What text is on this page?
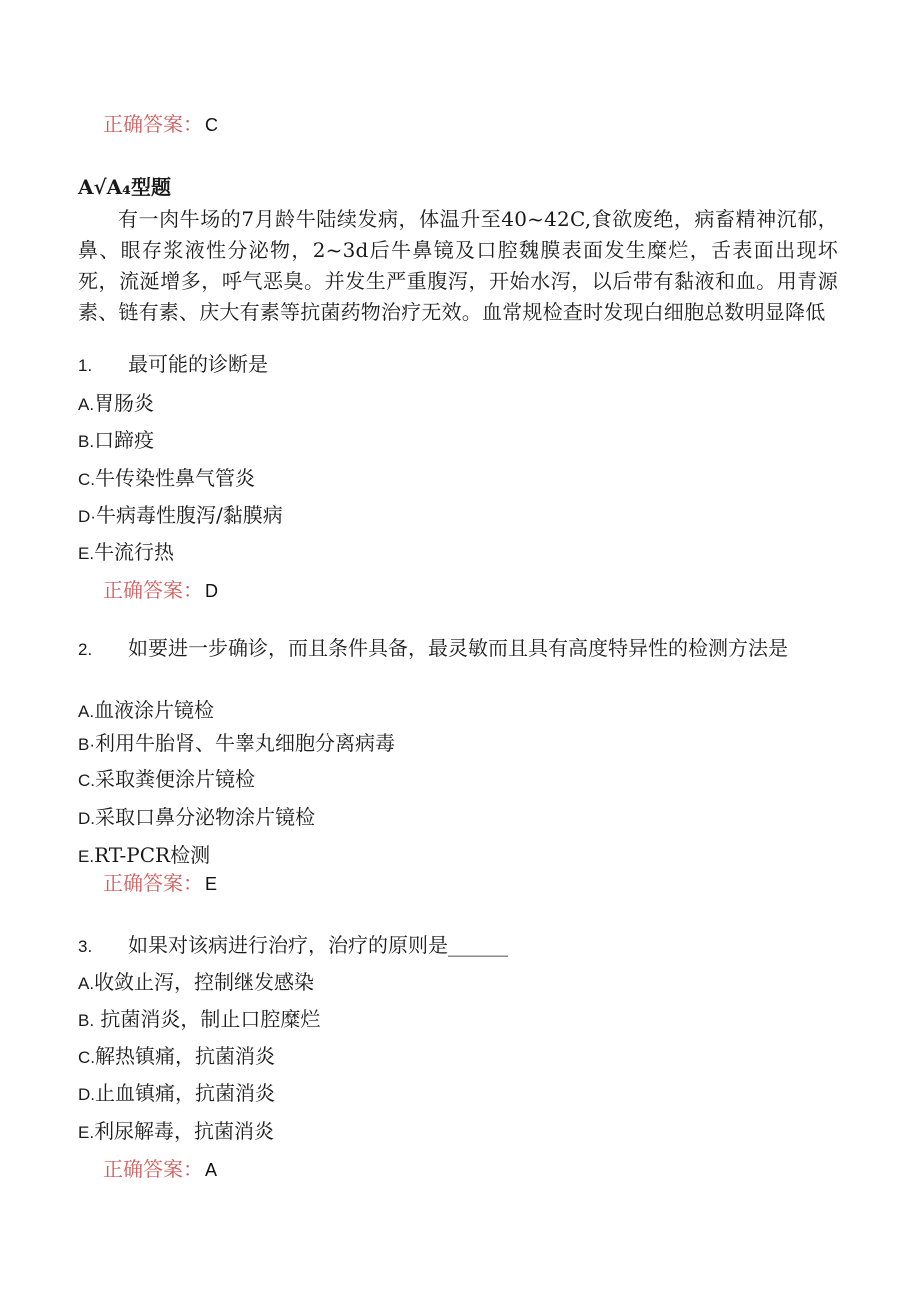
正确答案： C
A√A₄型题
有一肉牛场的7月龄牛陆续发病，体温升至40~42C,食欲废绝，病畜精神沉郁，鼻、眼存浆液性分泌物，2~3d后牛鼻镜及口腔魏膜表面发生糜烂，舌表面出现坏死，流涎增多，呼气恶臭。并发生严重腹泻，开始水泻，以后带有黏液和血。用青源素、链有素、庆大有素等抗菌药物治疗无效。血常规检查时发现白细胞总数明显降低
1. 最可能的诊断是
A.胃肠炎
B.口蹄疫
C.牛传染性鼻气管炎
D·牛病毒性腹泻/黏膜病
E.牛流行热
正确答案： D
2. 如要进一步确诊，而且条件具备，最灵敏而且具有高度特异性的检测方法是
A.血液涂片镜检
B·利用牛胎肾、牛睾丸细胞分离病毒
C.采取粪便涂片镜检
D.采取口鼻分泌物涂片镜检
E.RT-PCR检测
正确答案： E
3. 如果对该病进行治疗，治疗的原则是______
A.收敛止泻，控制继发感染
B. 抗菌消炎，制止口腔糜烂
C.解热镇痛，抗菌消炎
D.止血镇痛，抗菌消炎
E.利尿解毒，抗菌消炎
正确答案： A
